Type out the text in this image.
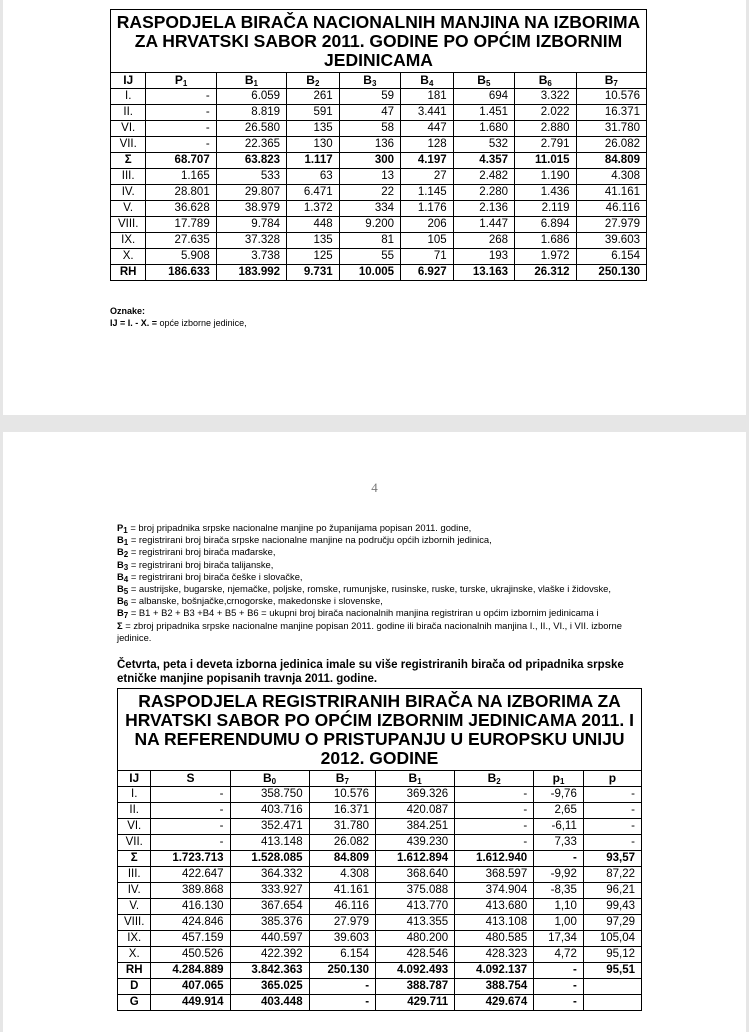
RASPODJELA BIRAČA NACIONALNIH MANJINA NA IZBORIMA ZA HRVATSKI SABOR 2011. GODINE PO OPĆIM IZBORNIM JEDINICAMA								
IJ	$P_1$	$B_1$	$B_2$	$B_3$	$B_4$	$B_5$	$B_6$	$B_7$
I.	-	6.059	261	59	181	694	3.322	10.576
II.	-	8.819	591	47	3.441	1.451	2.022	16.371
VI.	-	26.580	135	58	447	1.680	2.880	31.780
VII.	-	22.365	130	136	128	532	2.791	26.082
Σ	68.707	63.823	1.117	300	4.197	4.357	11.015	84.809
III.	1.165	533	63	13	27	2.482	1.190	4.308
IV.	28.801	29.807	6.471	22	1.145	2.280	1.436	41.161
V.	36.628	38.979	1.372	334	1.176	2.136	2.119	46.116
VIII.	17.789	9.784	448	9.200	206	1.447	6.894	27.979
IX.	27.635	37.328	135	81	105	268	1.686	39.603
X.	5.908	3.738	125	55	71	193	1.972	6.154
RH	186.633	183.992	9.731	10.005	6.927	13.163	26.312	250.130
Oznake:
IJ = I. - X. = opće izborne jedinice,
4
$P_1$ = broj pripadnika srpske nacionalne manjine po županijama popisan 2011. godine,
$B_1$ = registrirani broj birača srpske nacionalne manjine na području općih izbornih jedinica,
$B_2$ = registrirani broj birača mađarske,
$B_3$ = registrirani broj birača talijanske,
$B_4$ = registrirani broj birača češke i slovačke,
$B_5$ = austrijske, bugarske, njemačke, poljske, romske, rumunjske, rusinske, ruske, turske, ukrajinske, vlaške i židovske,
$B_6$ = albanske, bošnjačke,crnogorske, makedonske i slovenske,
$B_7 = B1 + B2 + B3 +B4 + B5 + B6$ = ukupni broj birača nacionalnih manjina registriran u općim izbornim jedinicama i
Σ = zbroj pripadnika srpske nacionalne manjine popisan 2011. godine ili birača nacionalnih manjina I., II., VI., i VII. izborne jedinice.
Četvrta, peta i deveta izborna jedinica imale su više registriranih birača od pripadnika srpske etničke manjine popisanih travnja 2011. godine.
RASPODJELA REGISTRIRANIH BIRAČA NA IZBORIMA ZA HRVATSKI SABOR PO OPĆIM IZBORNIM JEDINICAMA 2011. I NA REFERENDUMU O PRISTUPANJU U EUROPSKU UNIJU 2012. GODINE							
IJ	S	$B_0$	$B_7$	$B_1$	$B_2$	$p_1$	p
I.	-	358.750	10.576	369.326	-	-9,76	-
II.	-	403.716	16.371	420.087	-	2,65	-
VI.	-	352.471	31.780	384.251	-	-6,11	-
VII.	-	413.148	26.082	439.230	-	7,33	-
Σ	1.723.713	1.528.085	84.809	1.612.894	1.612.940	-	93,57
III.	422.647	364.332	4.308	368.640	368.597	-9,92	87,22
IV.	389.868	333.927	41.161	375.088	374.904	-8,35	96,21
V.	416.130	367.654	46.116	413.770	413.680	1,10	99,43
VIII.	424.846	385.376	27.979	413.355	413.108	1,00	97,29
IX.	457.159	440.597	39.603	480.200	480.585	17,34	105,04
X.	450.526	422.392	6.154	428.546	428.323	4,72	95,12
RH	4.284.889	3.842.363	250.130	4.092.493	4.092.137	-	95,51
D	407.065	365.025	-	388.787	388.754	-	
G	449.914	403.448	-	429.711	429.674	-	
